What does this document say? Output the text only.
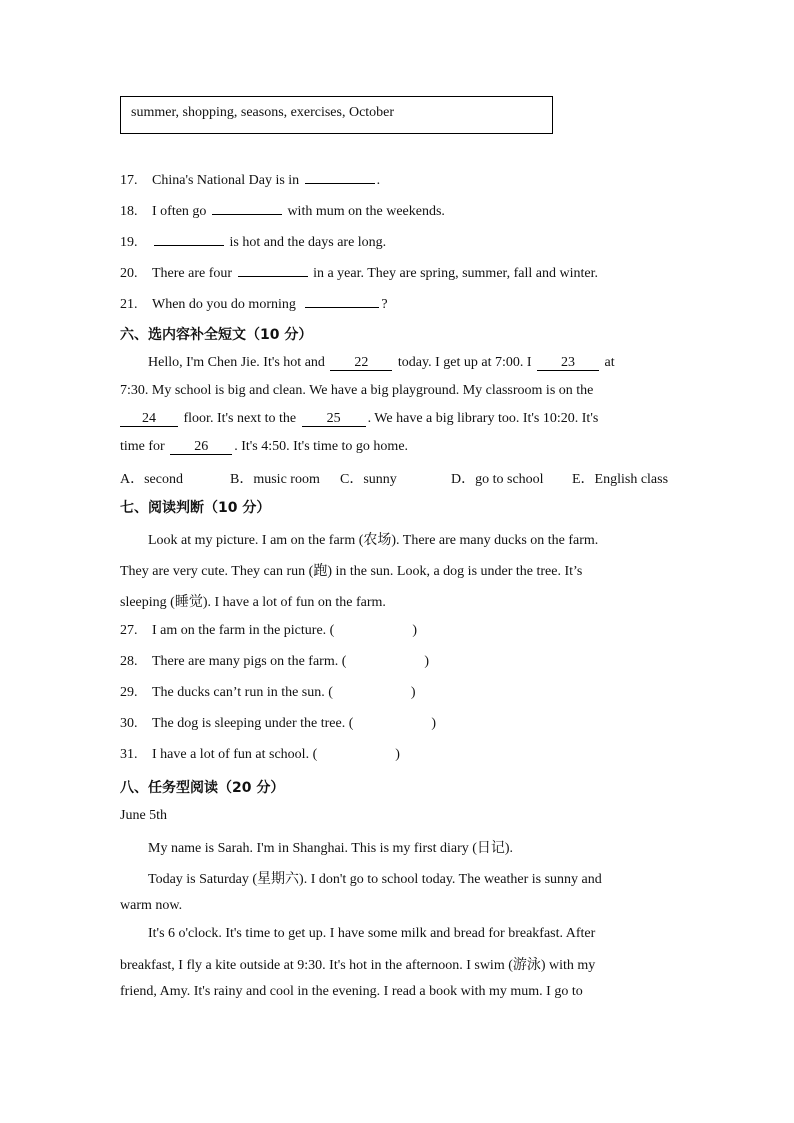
summer, shopping, seasons, exercises, October
17. China's National Day is in	.
18. I often go	with mum on the weekends.
19.	is hot and the days are long.
20. There are four	in a year. They are spring, summer, fall and winter.
21. When do you do morning	?
六、选内容补全短文（10 分）
Hello, I'm Chen Jie. It's hot and 22 today. I get up at 7:00. I 23 at
7:30. My school is big and clean. We have a big playground. My classroom is on the
24 floor. It's next to the 25 . We have a big library too. It's 10:20. It's
time for 26 . It's 4:50. It's time to go home.
A．second	B．music room C．sunny	D．go to school E．English class
七、阅读判断（10 分）
Look at my picture. I am on the farm (农场). There are many ducks on the farm.
They are very cute. They can run (跑) in the sun. Look, a dog is under the tree. It’s
sleeping (睡觉). I have a lot of fun on the farm.
27. I am on the farm in the picture. (	)
28. There are many pigs on the farm. (	)
29. The ducks can’t run in the sun. (	)
30. The dog is sleeping under the tree. (	)
31. I have a lot of fun at school. (	)
八、任务型阅读（20 分）
June 5th
My name is Sarah. I'm in Shanghai. This is my first diary (日记).
Today is Saturday (星期六). I don't go to school today. The weather is sunny and
warm now.
It's 6 o'clock. It's time to get up. I have some milk and bread for breakfast. After
breakfast, I fly a kite outside at 9:30. It's hot in the afternoon. I swim (游泳) with my
friend, Amy. It's rainy and cool in the evening. I read a book with my mum. I go to
